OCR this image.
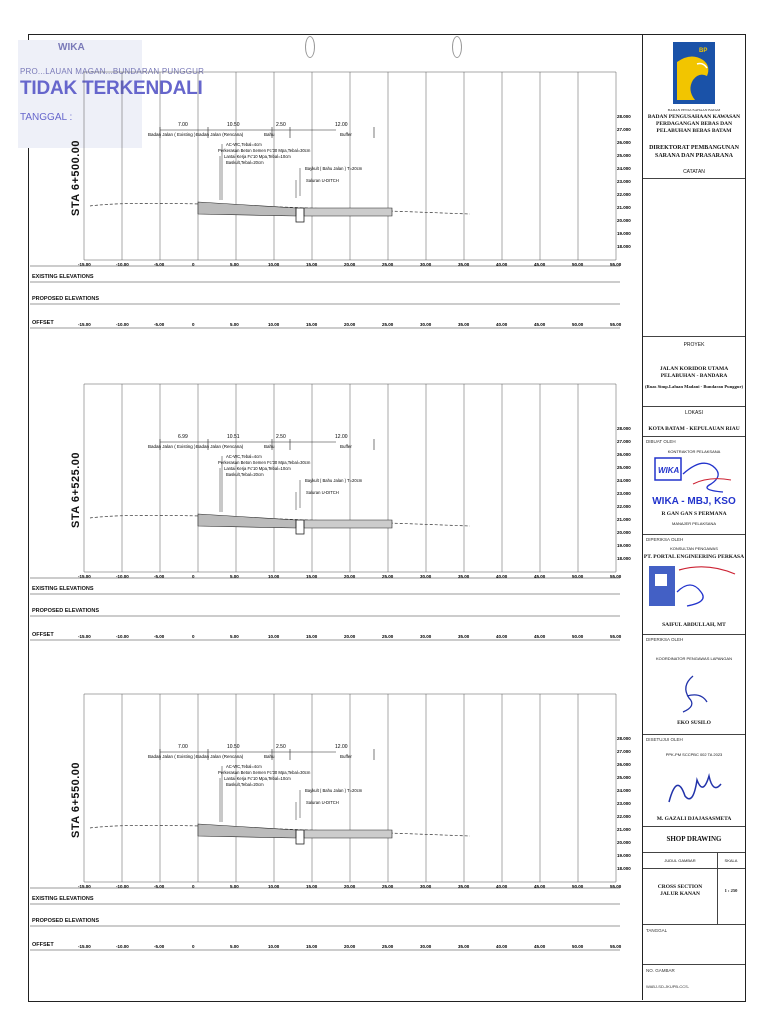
WIKA
PRO...LAUAN MAGAN...BUNDARAN PUNGGUR
TIDAK TERKENDALI
TANGGAL :	28.000
27.000
26.000
25.000
24.000
23.000
22.000
21.000
20.000
19.000
18.000
7.00	10.50	2.50	12.00
Badan Jalan ( Existing ) Badan Jalan (Rencana)	Bahu	Buffer
AC-WC,Tebal=4cm
Perkerasan Beton Semen Fc'30 Mpa,Tebal=30cm
Lantai Kerja Fc'10 Mpa,Tebal=10cm
Baskult,Tebal=20cm
Baykult ( Bahu Jalan ) T=20cm
Saluran U-DITCH
-15.00
-15.00
-10.00
-10.00
-5.00
-5.00
0
0
5.00
5.00
10.00
10.00
15.00
15.00
20.00
20.00
25.00
25.00
30.00
30.00
35.00
35.00
40.00
40.00
45.00
45.00
50.00
50.00
55.00
55.00
EXISTING ELEVATIONS
PROPOSED ELEVATIONS
OFFSET
STA 6+500.00
28.000
27.000
26.000
25.000
24.000
23.000
22.000
21.000
20.000
19.000
18.000
6.99	10.51	2.50	12.00
Badan Jalan ( Existing ) Badan Jalan (Rencana)	Bahu	Buffer
AC-WC,Tebal=4cm
Perkerasan Beton Semen Fc'30 Mpa,Tebal=30cm
Lantai Kerja Fc'10 Mpa,Tebal=10cm
Baskult,Tebal=20cm
Baykult ( Bahu Jalan ) T=20cm
Saluran U-DITCH
-15.00
-15.00
-10.00
-10.00
-5.00
-5.00
0
0
5.00
5.00
10.00
10.00
15.00
15.00
20.00
20.00
25.00
25.00
30.00
30.00
35.00
35.00
40.00
40.00
45.00
45.00
50.00
50.00
55.00
55.00
EXISTING ELEVATIONS
PROPOSED ELEVATIONS
OFFSET
STA 6+525.00
28.000
27.000
26.000
25.000
24.000
23.000
22.000
21.000
20.000
19.000
18.000
7.00	10.50	2.50	12.00
Badan Jalan ( Existing ) Badan Jalan (Rencana)	Bahu	Buffer
AC-WC,Tebal=4cm
Perkerasan Beton Semen Fc'30 Mpa,Tebal=30cm
Lantai Kerja Fc'10 Mpa,Tebal=10cm
Baskult,Tebal=20cm
Baykult ( Bahu Jalan ) T=20cm
Saluran U-DITCH
-15.00
-15.00
-10.00
-10.00
-5.00
-5.00
0
0
5.00
5.00
10.00
10.00
15.00
15.00
20.00
20.00
25.00
25.00
30.00
30.00
35.00
35.00
40.00
40.00
45.00
45.00
50.00
50.00
55.00
55.00
EXISTING ELEVATIONS
PROPOSED ELEVATIONS
OFFSET
STA 6+550.00
BP
BADAN PENGUSAHAAN BATAM
BADAN PENGUSAHAAN KAWASAN PERDAGANGAN BEBAS DAN PELABUHAN BEBAS BATAM
DIREKTORAT PEMBANGUNAN SARANA DAN PRASARANA
CATATAN
PROYEK
JALAN KORIDOR UTAMA PELABUHAN - BANDARA
(Ruas Simp.Laluan Madani - Bundaran Punggur)
LOKASI
KOTA BATAM - KEPULAUAN RIAU
DIBUAT OLEH
KONTRAKTOR PELAKSANA
WIKA
WIKA - MBJ, KSO
R GAN GAN S PERMANA
MANAJER PELAKSANA
DIPERIKSA OLEH
KONSULTAN PENGAWAS
PT. PORTAL ENGINEERING PERKASA
SAIFUL ABDULLAH, MT
DIPERIKSA OLEH
KOORDINATOR PENGAWAS LAPANGAN
EKO SUSILO
DISETUJUI OLEH
PPK-PM SCCPBC 002 TA 2023
M. GAZALI DJAJASASMETA
SHOP DRAWING
JUDUL GAMBAR	SKALA
CROSS SECTION JALUR KANAN
1 : 250
TANGGAL
NO. GAMBAR
WABJ-SD-JKUPB-CCS-
